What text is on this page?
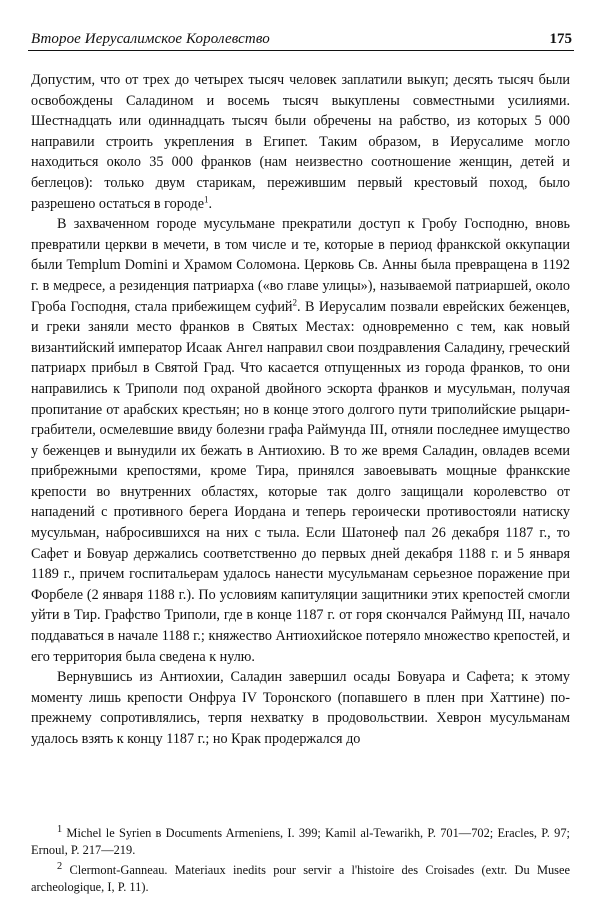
Второе Иерусалимское Королевство	175

Допустим, что от трех до четырех тысяч человек заплатили выкуп; десять тысяч были освобождены Саладином и восемь тысяч выкуплены совместными усилиями. Шестнадцать или одиннадцать тысяч были обречены на рабство, из которых 5 000 направили строить укрепления в Египет. Таким образом, в Иерусалиме могло находиться около 35 000 франков (нам неизвестно соотношение женщин, детей и беглецов): только двум старикам, пережившим первый крестовый поход, было разрешено остаться в городе$^1$.

В захваченном городе мусульмане прекратили доступ к Гробу Господню, вновь превратили церкви в мечети, в том числе и те, которые в период франкской оккупации были Templum Domini и Храмом Соломона. Церковь Св. Анны была превращена в 1192 г. в медресе, а резиденция патриарха («во главе улицы»), называемой патриаршей, около Гроба Господня, стала прибежищем суфий$^2$. В Иерусалим позвали еврейских беженцев, и греки заняли место франков в Святых Местах: одновременно с тем, как новый византийский император Исаак Ангел направил свои поздравления Саладину, греческий патриарх прибыл в Святой Град. Что касается отпущенных из города франков, то они направились к Триполи под охраной двойного эскорта франков и мусульман, получая пропитание от арабских крестьян; но в конце этого долгого пути триполийские рыцари-грабители, осмелевшие ввиду болезни графа Раймунда III, отняли последнее имущество у беженцев и вынудили их бежать в Антиохию. В то же время Саладин, овладев всеми прибрежными крепостями, кроме Тира, принялся завоевывать мощные франкские крепости во внутренних областях, которые так долго защищали королевство от нападений с противного берега Иордана и теперь героически противостояли натиску мусульман, набросившихся на них с тыла. Если Шатонеф пал 26 декабря 1187 г., то Сафет и Бовуар держались соответственно до первых дней декабря 1188 г. и 5 января 1189 г., причем госпитальерам удалось нанести мусульманам серьезное поражение при Форбеле (2 января 1188 г.). По условиям капитуляции защитники этих крепостей смогли уйти в Тир. Графство Триполи, где в конце 1187 г. от горя скончался Раймунд III, начало поддаваться в начале 1188 г.; княжество Антиохийское потеряло множество крепостей, и его территория была сведена к нулю.

Вернувшись из Антиохии, Саладин завершил осады Бовуара и Сафета; к этому моменту лишь крепости Онфруа IV Торонского (попавшего в плен при Хаттине) по-прежнему сопротивлялись, терпя нехватку в продовольствии. Хеврон мусульманам удалось взять к концу 1187 г.; но Крак продержался до

$^1$ Michel le Syrien в Documents Armeniens, I. 399; Kamil al-Tewarikh, P. 701—702; Eracles, P. 97; Ernoul, P. 217—219.

$^2$ Clermont-Ganneau. Materiaux inedits pour servir a l'histoire des Croisades (extr. Du Musee archeologique, I, P. 11).
